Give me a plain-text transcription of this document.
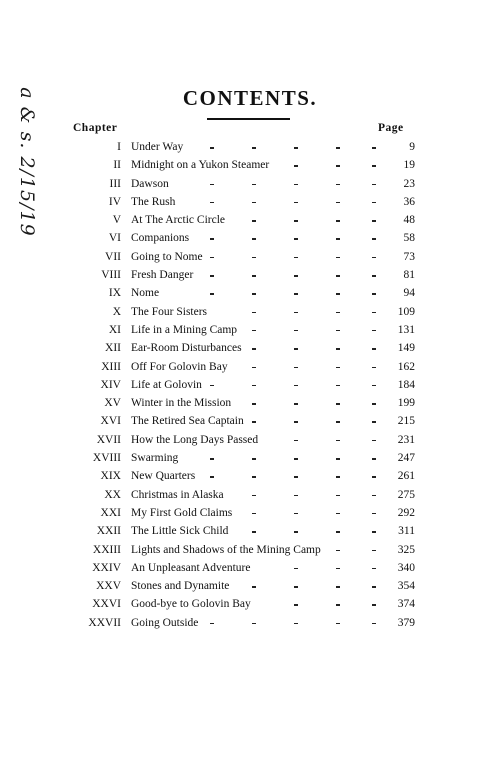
a & s. 2/15/19	CONTENTS.
Chapter	Page
I Under Way	9
II Midnight on a Yukon Steamer	19
III Dawson	23
IV The Rush	36
V At The Arctic Circle	48
VI Companions	58
VII Going to Nome	73
VIII Fresh Danger	81
IX Nome	94
X The Four Sisters	109
XI Life in a Mining Camp	131
XII Ear-Room Disturbances	149
XIII Off For Golovin Bay	162
XIV Life at Golovin	184
XV Winter in the Mission	199
XVI The Retired Sea Captain	215
XVII How the Long Days Passed	231
XVIII Swarming	247
XIX New Quarters	261
XX Christmas in Alaska	275
XXI My First Gold Claims	292
XXII The Little Sick Child	311
XXIII Lights and Shadows of the Mining Camp	325
XXIV An Unpleasant Adventure	340
XXV Stones and Dynamite	354
XXVI Good-bye to Golovin Bay	374
XXVII Going Outside	379
